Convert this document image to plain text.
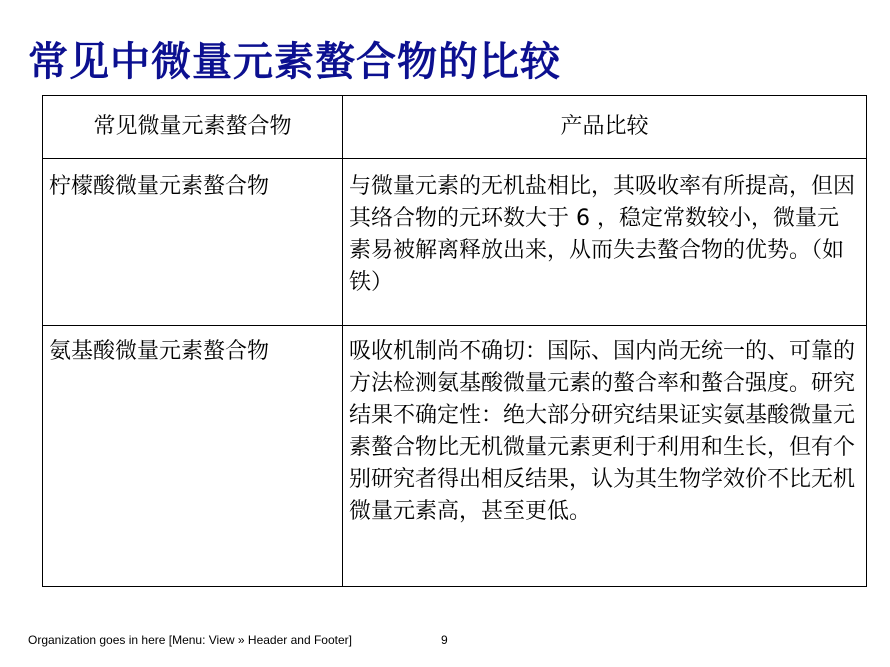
常见中微量元素螯合物的比较
常见微量元素螯合物	产品比较

柠檬酸微量元素螯合物	与微量元素的无机盐相比，其吸收率有所提高，但因其络合物的元环数大于 6 ，稳定常数较小，微量元素易被解离释放出来，从而失去螯合物的优势。（如铁）

氨基酸微量元素螯合物	吸收机制尚不确切：国际、国内尚无统一的、可靠的方法检测氨基酸微量元素的螯合率和螯合强度。研究结果不确定性：绝大部分研究结果证实氨基酸微量元素螯合物比无机微量元素更利于利用和生长，但有个别研究者得出相反结果，认为其生物学效价不比无机微量元素高，甚至更低。
Organization goes in here [Menu: View » Header and Footer]	9
